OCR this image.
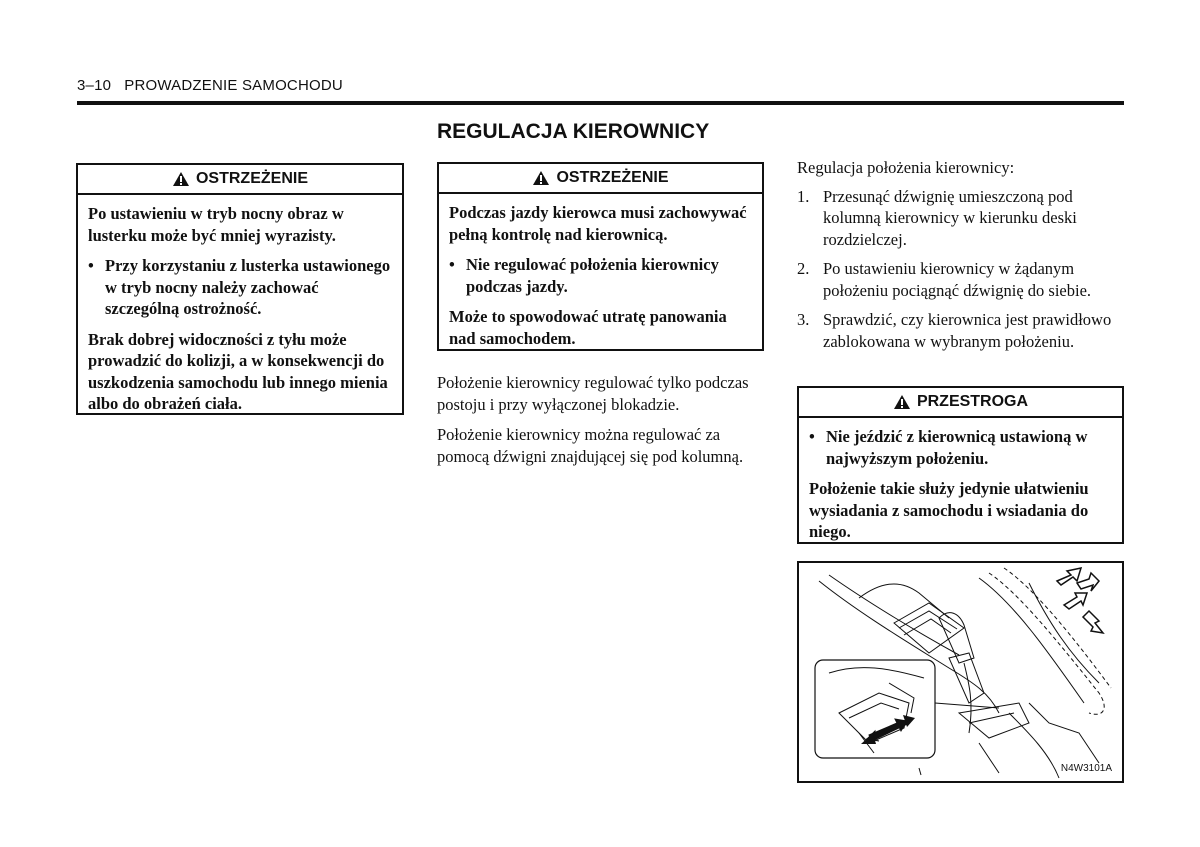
3–10 PROWADZENIE SAMOCHODU
REGULACJA KIEROWNICY
OSTRZEŻENIE

Po ustawieniu w tryb nocny obraz w lusterku może być mniej wyrazisty.

• Przy korzystaniu z lusterka ustawionego w tryb nocny należy zachować szczególną ostrożność.

Brak dobrej widoczności z tyłu może prowadzić do kolizji, a w konsekwencji do uszkodzenia samochodu lub innego mienia albo do obrażeń ciała.

OSTRZEŻENIE

Podczas jazdy kierowca musi zachowywać pełną kontrolę nad kierownicą.

• Nie regulować położenia kierownicy podczas jazdy.

Może to spowodować utratę panowania nad samochodem.

Położenie kierownicy regulować tylko podczas postoju i przy wyłączonej blokadzie.

Położenie kierownicy można regulować za pomocą dźwigni znajdującej się pod kolumną.

Regulacja położenia kierownicy:

1. Przesunąć dźwignię umieszczoną pod kolumną kierownicy w kierunku deski rozdzielczej.
2. Po ustawieniu kierownicy w żądanym położeniu pociągnąć dźwignię do siebie.
3. Sprawdzić, czy kierownica jest prawidłowo zablokowana w wybranym położeniu.
PRZESTROGA
• Nie jeździć z kierownicą ustawioną w najwyższym położeniu.

Położenie takie służy jedynie ułatwieniu wysiadania z samochodu i wsiadania do niego.

N4W3101A
